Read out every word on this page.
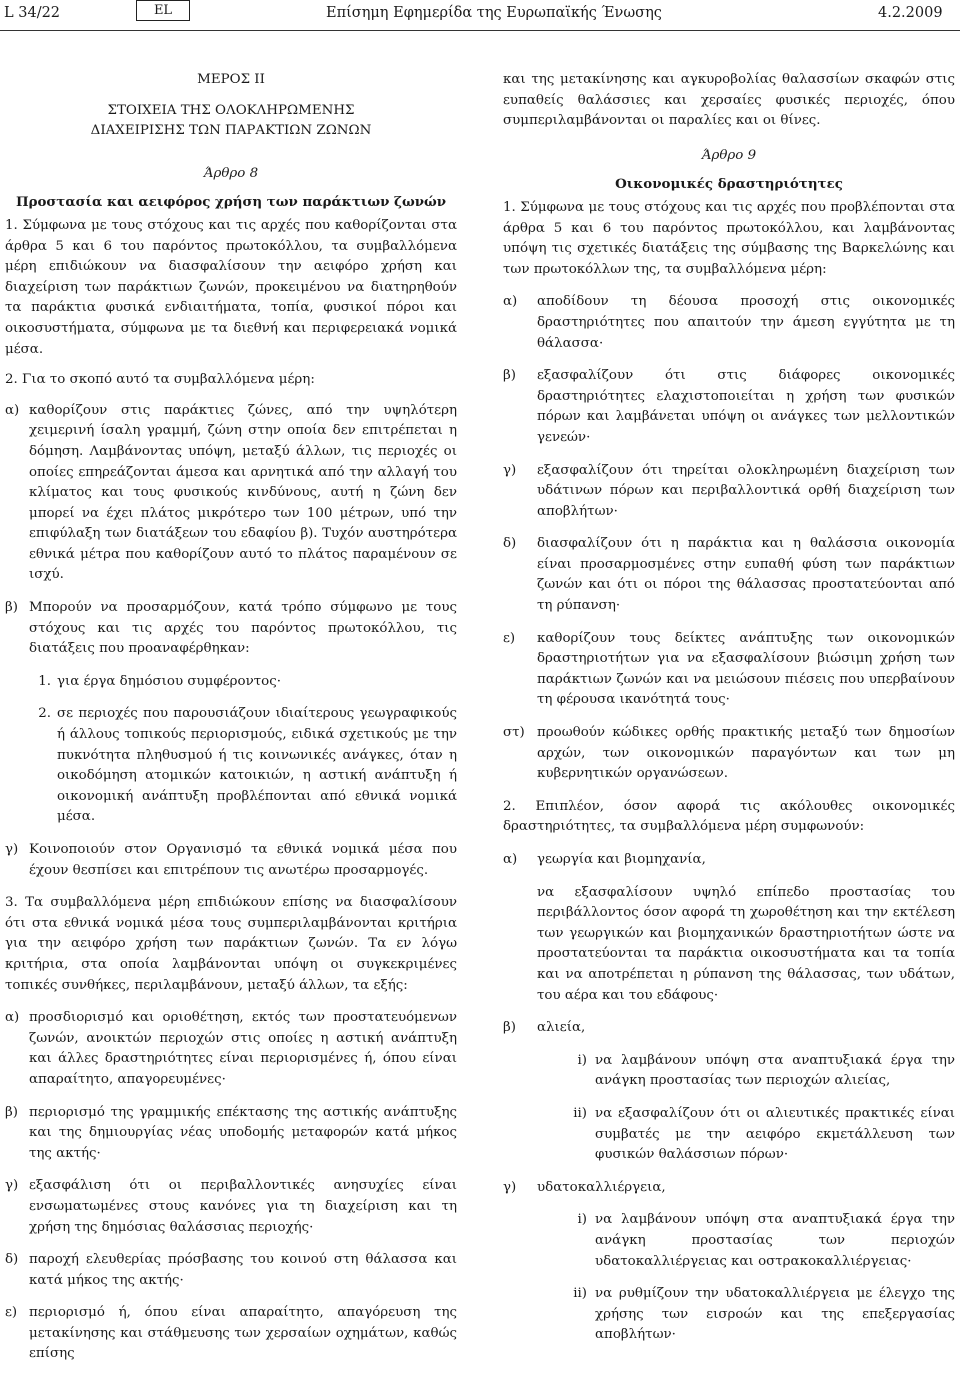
L 34/22	EL	Επίσημη Εφημερίδα της Ευρωπαϊκής Ένωσης	4.2.2009

ΜΕΡΟΣ II

ΣΤΟΙΧΕΙΑ ΤΗΣ ΟΛΟΚΛΗΡΩΜΕΝΗΣ ΔΙΑΧΕΙΡΙΣΗΣ ΤΩΝ ΠΑΡΑΚΤΙΩΝ ΖΩΝΩΝ

Άρθρο 8

Προστασία και αειφόρος χρήση των παράκτιων ζωνών

1. Σύμφωνα με τους στόχους και τις αρχές που καθορίζονται στα άρθρα 5 και 6 του παρόντος πρωτοκόλλου, τα συμβαλλόμενα μέρη επιδιώκουν να διασφαλίσουν την αειφόρο χρήση και διαχείριση των παράκτιων ζωνών, προκειμένου να διατηρηθούν τα παράκτια φυσικά ενδιαιτήματα, τοπία, φυσικοί πόροι και οικοσυστήματα, σύμφωνα με τα διεθνή και περιφερειακά νομικά μέσα.

2. Για το σκοπό αυτό τα συμβαλλόμενα μέρη:

α) καθορίζουν στις παράκτιες ζώνες, από την υψηλότερη χειμερινή ίσαλη γραμμή, ζώνη στην οποία δεν επιτρέπεται η δόμηση. Λαμβάνοντας υπόψη, μεταξύ άλλων, τις περιοχές οι οποίες επηρεάζονται άμεσα και αρνητικά από την αλλαγή του κλίματος και τους φυσικούς κινδύνους, αυτή η ζώνη δεν μπορεί να έχει πλάτος μικρότερο των 100 μέτρων, υπό την επιφύλαξη των διατάξεων του εδαφίου β). Τυχόν αυστηρότερα εθνικά μέτρα που καθορίζουν αυτό το πλάτος παραμένουν σε ισχύ.

β) Μπορούν να προσαρμόζουν, κατά τρόπο σύμφωνο με τους στόχους και τις αρχές του παρόντος πρωτοκόλλου, τις διατάξεις που προαναφέρθηκαν:

1. για έργα δημόσιου συμφέροντος·

2. σε περιοχές που παρουσιάζουν ιδιαίτερους γεωγραφικούς ή άλλους τοπικούς περιορισμούς, ειδικά σχετικούς με την πυκνότητα πληθυσμού ή τις κοινωνικές ανάγκες, όταν η οικοδόμηση ατομικών κατοικιών, η αστική ανάπτυξη ή οικονομική ανάπτυξη προβλέπονται από εθνικά νομικά μέσα.

γ) Κοινοποιούν στον Οργανισμό τα εθνικά νομικά μέσα που έχουν θεσπίσει και επιτρέπουν τις ανωτέρω προσαρμογές.

3. Τα συμβαλλόμενα μέρη επιδιώκουν επίσης να διασφαλίσουν ότι στα εθνικά νομικά μέσα τους συμπεριλαμβάνονται κριτήρια για την αειφόρο χρήση των παράκτιων ζωνών. Τα εν λόγω κριτήρια, στα οποία λαμβάνονται υπόψη οι συγκεκριμένες τοπικές συνθήκες, περιλαμβάνουν, μεταξύ άλλων, τα εξής:

α) προσδιορισμό και οριοθέτηση, εκτός των προστατευόμενων ζωνών, ανοικτών περιοχών στις οποίες η αστική ανάπτυξη και άλλες δραστηριότητες είναι περιορισμένες ή, όπου είναι απαραίτητο, απαγορευμένες·

β) περιορισμό της γραμμικής επέκτασης της αστικής ανάπτυξης και της δημιουργίας νέας υποδομής μεταφορών κατά μήκος της ακτής·

γ) εξασφάλιση ότι οι περιβαλλοντικές ανησυχίες είναι ενσωματωμένες στους κανόνες για τη διαχείριση και τη χρήση της δημόσιας θαλάσσιας περιοχής·

δ) παροχή ελευθερίας πρόσβασης του κοινού στη θάλασσα και κατά μήκος της ακτής·

ε) περιορισμό ή, όπου είναι απαραίτητο, απαγόρευση της μετακίνησης και στάθμευσης των χερσαίων οχημάτων, καθώς επίσης

και της μετακίνησης και αγκυροβολίας θαλασσίων σκαφών στις ευπαθείς θαλάσσιες και χερσαίες φυσικές περιοχές, όπου συμπεριλαμβάνονται οι παραλίες και οι θίνες.

Άρθρο 9

Οικονομικές δραστηριότητες

1. Σύμφωνα με τους στόχους και τις αρχές που προβλέπονται στα άρθρα 5 και 6 του παρόντος πρωτοκόλλου, και λαμβάνοντας υπόψη τις σχετικές διατάξεις της σύμβασης της Βαρκελώνης και των πρωτοκόλλων της, τα συμβαλλόμενα μέρη:

α) αποδίδουν τη δέουσα προσοχή στις οικονομικές δραστηριότητες που απαιτούν την άμεση εγγύτητα με τη θάλασσα·

β) εξασφαλίζουν ότι στις διάφορες οικονομικές δραστηριότητες ελαχιστοποιείται η χρήση των φυσικών πόρων και λαμβάνεται υπόψη οι ανάγκες των μελλοντικών γενεών·

γ) εξασφαλίζουν ότι τηρείται ολοκληρωμένη διαχείριση των υδάτινων πόρων και περιβαλλοντικά ορθή διαχείριση των αποβλήτων·

δ) διασφαλίζουν ότι η παράκτια και η θαλάσσια οικονομία είναι προσαρμοσμένες στην ευπαθή φύση των παράκτιων ζωνών και ότι οι πόροι της θάλασσας προστατεύονται από τη ρύπανση·

ε) καθορίζουν τους δείκτες ανάπτυξης των οικονομικών δραστηριοτήτων για να εξασφαλίσουν βιώσιμη χρήση των παράκτιων ζωνών και να μειώσουν πιέσεις που υπερβαίνουν τη φέρουσα ικανότητά τους·

στ) προωθούν κώδικες ορθής πρακτικής μεταξύ των δημοσίων αρχών, των οικονομικών παραγόντων και των μη κυβερνητικών οργανώσεων.

2. Επιπλέον, όσον αφορά τις ακόλουθες οικονομικές δραστηριότητες, τα συμβαλλόμενα μέρη συμφωνούν:

α) γεωργία και βιομηχανία,

να εξασφαλίσουν υψηλό επίπεδο προστασίας του περιβάλλοντος όσον αφορά τη χωροθέτηση και την εκτέλεση των γεωργικών και βιομηχανικών δραστηριοτήτων ώστε να προστατεύονται τα παράκτια οικοσυστήματα και τα τοπία και να αποτρέπεται η ρύπανση της θάλασσας, των υδάτων, του αέρα και του εδάφους·

β) αλιεία,

i) να λαμβάνουν υπόψη στα αναπτυξιακά έργα την ανάγκη προστασίας των περιοχών αλιείας,

ii) να εξασφαλίζουν ότι οι αλιευτικές πρακτικές είναι συμβατές με την αειφόρο εκμετάλλευση των φυσικών θαλάσσιων πόρων·

γ) υδατοκαλλιέργεια,

i) να λαμβάνουν υπόψη στα αναπτυξιακά έργα την ανάγκη προστασίας των περιοχών υδατοκαλλιέργειας και οστρακοκαλλιέργειας·

ii) να ρυθμίζουν την υδατοκαλλιέργεια με έλεγχο της χρήσης των εισροών και της επεξεργασίας αποβλήτων·
